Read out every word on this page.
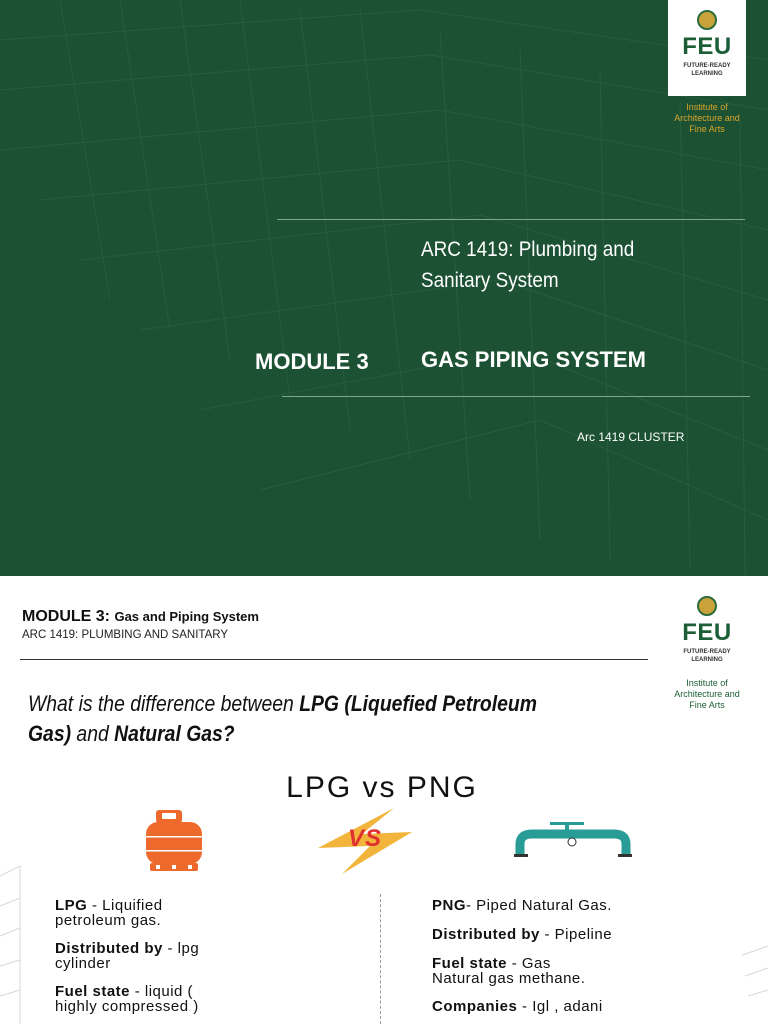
FEU
FUTURE-READY
LEARNING
Institute of
Architecture and
Fine Arts
ARC 1419: Plumbing and
Sanitary System
MODULE 3 GAS PIPING SYSTEM
Arc 1419 CLUSTER
MODULE 3: Gas and Piping System
ARC 1419: PLUMBING AND SANITARY	FEU
FUTURE-READY
LEARNING
Institute of
Architecture and
Fine Arts
What is the difference between LPG (Liquefied Petroleum
Gas) and Natural Gas?
LPG vs PNG
VS
LPG - Liquified
petroleum gas.
Distributed by - lpg
cylinder
Fuel state - liquid (
highly compressed )
PNG- Piped Natural Gas.
Distributed by - Pipeline
Fuel state - Gas
Natural gas methane.
Companies - Igl , adani
